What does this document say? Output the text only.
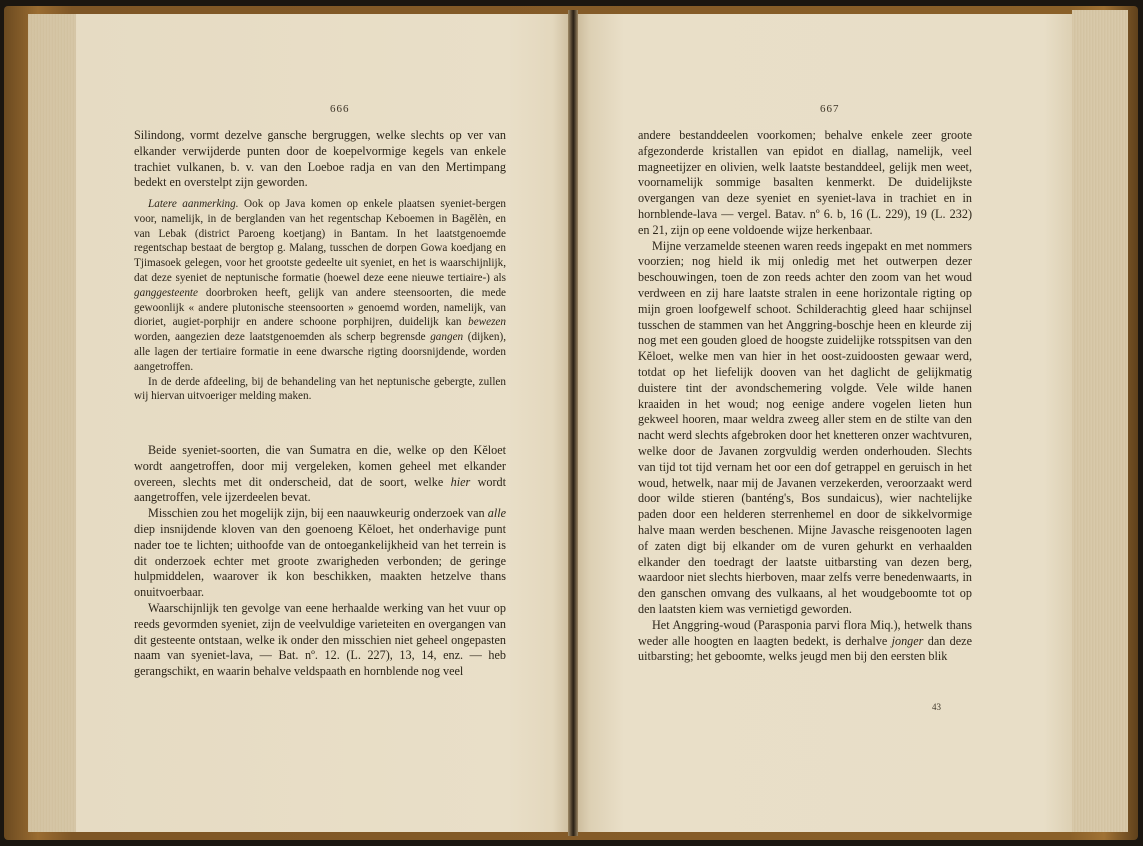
666

Silindong, vormt dezelve gansche bergruggen, welke slechts op ver van elkander verwijderde punten door de koepelvormige kegels van enkele trachiet vulkanen, b. v. van den Loeboe radja en van den Mertimpang bedekt en overstelpt zijn geworden.

Latere aanmerking. Ook op Java komen op enkele plaatsen syeniet-bergen voor, namelijk, in de berglanden van het regentschap Keboemen in Bagĕlèn, en van Lebak (district Paroeng koetjang) in Bantam. In het laatstgenoemde regentschap bestaat de bergtop g. Malang, tusschen de dorpen Gowa koedjang en Tjimasoek gelegen, voor het grootste gedeelte uit syeniet, en het is waarschijnlijk, dat deze syeniet de neptunische formatie (hoewel deze eene nieuwe tertiaire-) als ganggesteente doorbroken heeft, gelijk van andere steensoorten, die mede gewoonlijk « andere plutonische steensoorten » genoemd worden, namelijk, van dioriet, augiet-porphijr en andere schoone porphijren, duidelijk kan bewezen worden, aangezien deze laatstgenoemden als scherp begrensde gangen (dijken), alle lagen der tertiaire formatie in eene dwarsche rigting doorsnijdende, worden aangetroffen.

In de derde afdeeling, bij de behandeling van het neptunische gebergte, zullen wij hiervan uitvoeriger melding maken.

Beide syeniet-soorten, die van Sumatra en die, welke op den Kĕloet wordt aangetroffen, door mij vergeleken, komen geheel met elkander overeen, slechts met dit onderscheid, dat de soort, welke hier wordt aangetroffen, vele ijzerdeelen bevat.

Misschien zou het mogelijk zijn, bij een naauwkeurig onderzoek van alle diep insnijdende kloven van den goenoeng Kĕloet, het onderhavige punt nader toe te lichten; uithoofde van de ontoegankelijkheid van het terrein is dit onderzoek echter met groote zwarigheden verbonden; de geringe hulpmiddelen, waarover ik kon beschikken, maakten hetzelve thans onuitvoerbaar.

Waarschijnlijk ten gevolge van eene herhaalde werking van het vuur op reeds gevormden syeniet, zijn de veelvuldige varieteiten en overgangen van dit gesteente ontstaan, welke ik onder den misschien niet geheel ongepasten naam van syeniet-lava, — Bat. nº. 12. (L. 227), 13, 14, enz. — heb gerangschikt, en waarin behalve veldspaath en hornblende nog veel

667

andere bestanddeelen voorkomen; behalve enkele zeer groote afgezonderde kristallen van epidot en diallag, namelijk, veel magneetijzer en olivien, welk laatste bestanddeel, gelijk men weet, voornamelijk sommige basalten kenmerkt. De duidelijkste overgangen van deze syeniet en syeniet-lava in trachiet en in hornblende-lava — vergel. Batav. nº 6. b, 16 (L. 229), 19 (L. 232) en 21, zijn op eene voldoende wijze herkenbaar.

Mijne verzamelde steenen waren reeds ingepakt en met nommers voorzien; nog hield ik mij onledig met het outwerpen dezer beschouwingen, toen de zon reeds achter den zoom van het woud verdween en zij hare laatste stralen in eene horizontale rigting op mijn groen loofgewelf schoot. Schilderachtig gleed haar schijnsel tusschen de stammen van het Anggring-boschje heen en kleurde zij nog met een gouden gloed de hoogste zuidelijke rotsspitsen van den Kĕloet, welke men van hier in het oost-zuidoosten gewaar werd, totdat op het liefelijk dooven van het daglicht de gelijkmatig duistere tint der avondschemering volgde. Vele wilde hanen kraaiden in het woud; nog eenige andere vogelen lieten hun gekweel hooren, maar weldra zweeg aller stem en de stilte van den nacht werd slechts afgebroken door het knetteren onzer wachtvuren, welke door de Javanen zorgvuldig werden onderhouden. Slechts van tijd tot tijd vernam het oor een dof getrappel en geruisch in het woud, hetwelk, naar mij de Javanen verzekerden, veroorzaakt werd door wilde stieren (banténg's, Bos sundaicus), wier nachtelijke paden door een helderen sterrenhemel en door de sikkelvormige halve maan werden beschenen. Mijne Javasche reisgenooten lagen of zaten digt bij elkander om de vuren gehurkt en verhaalden elkander den toedragt der laatste uitbarsting van dezen berg, waardoor niet slechts hierboven, maar zelfs verre benedenwaarts, in den ganschen omvang des vulkaans, al het woudgeboomte tot op den laatsten kiem was vernietigd geworden.

Het Anggring-woud (Parasponia parvi flora Miq.), hetwelk thans weder alle hoogten en laagten bedekt, is derhalve jonger dan deze uitbarsting; het geboomte, welks jeugd men bij den eersten blik

43
